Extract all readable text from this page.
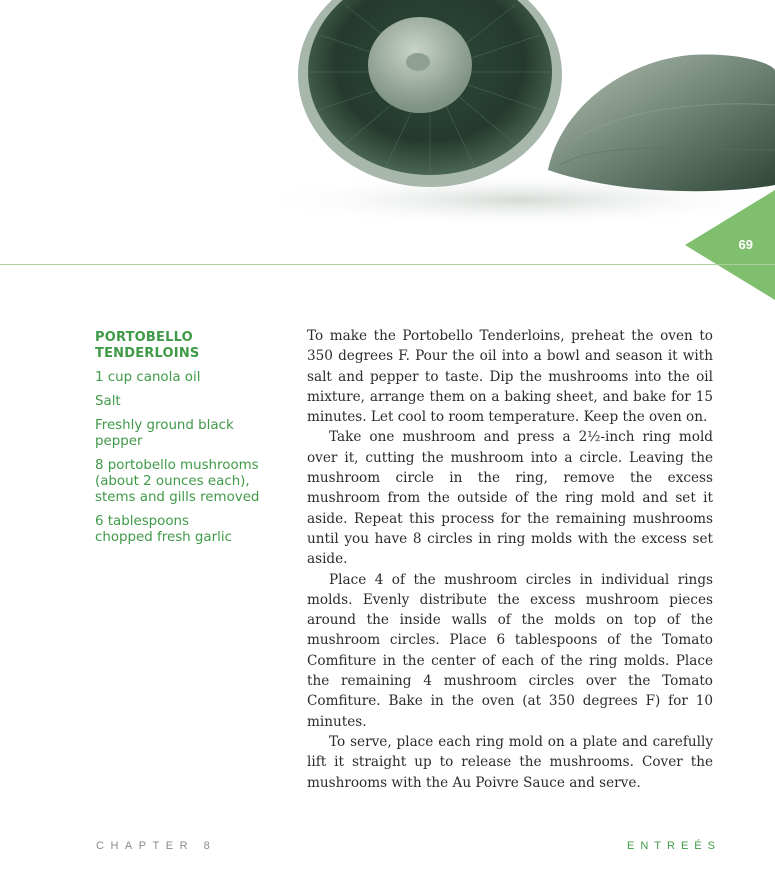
69
PORTOBELLO TENDERLOINS
1 cup canola oil
Salt
Freshly ground black pepper
8 portobello mushrooms
(about 2 ounces each),
stems and gills removed
6 tablespoons
chopped fresh garlic

To make the Portobello Tenderloins, preheat the oven to 350 degrees F. Pour the oil into a bowl and season it with salt and pepper to taste. Dip the mushrooms into the oil mixture, arrange them on a baking sheet, and bake for 15 minutes. Let cool to room temperature. Keep the oven on.

Take one mushroom and press a 2½-inch ring mold over it, cutting the mushroom into a circle. Leaving the mushroom circle in the ring, remove the excess mushroom from the outside of the ring mold and set it aside. Repeat this process for the remaining mushrooms until you have 8 circles in ring molds with the excess set aside.

Place 4 of the mushroom circles in individual rings molds. Evenly distribute the excess mushroom pieces around the inside walls of the molds on top of the mushroom circles. Place 6 tablespoons of the Tomato Comfiture in the center of each of the ring molds. Place the remaining 4 mushroom circles over the Tomato Comfiture. Bake in the oven (at 350 degrees F) for 10 minutes.

To serve, place each ring mold on a plate and carefully lift it straight up to release the mushrooms. Cover the mushrooms with the Au Poivre Sauce and serve.

CHAPTER 8	ENTREÉS
